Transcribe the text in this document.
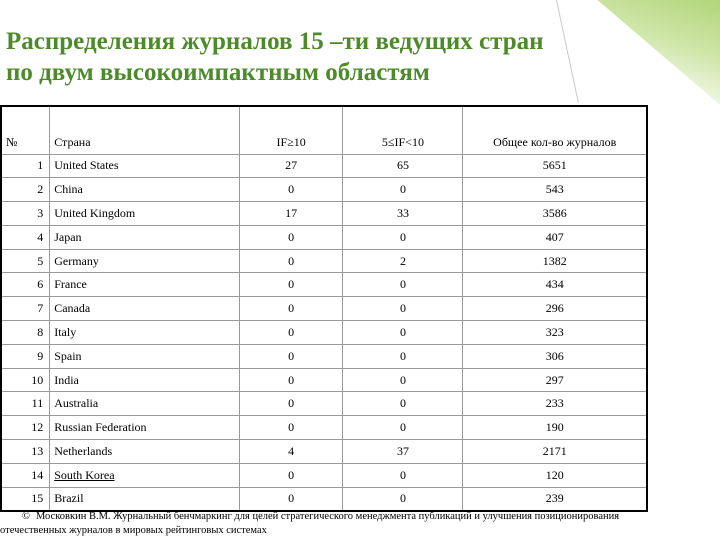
Распределения журналов 15 –ти ведущих стран
по двум высокоимпактным областям
№	Страна	IF≥10	5≤IF<10	Общее кол-во журналов
1	United States	27	65	5651
2	China	0	0	543
3	United Kingdom	17	33	3586
4	Japan	0	0	407
5	Germany	0	2	1382
6	France	0	0	434
7	Canada	0	0	296
8	Italy	0	0	323
9	Spain	0	0	306
10	India	0	0	297
11	Australia	0	0	233
12	Russian Federation	0	0	190
13	Netherlands	4	37	2171
14	South Korea	0	0	120
15	Brazil	0	0	239
© Московкин В.М. Журнальный бенчмаркинг для целей стратегического менеджмента публикаций и улучшения позиционирования
отечественных журналов в мировых рейтинговых системах
